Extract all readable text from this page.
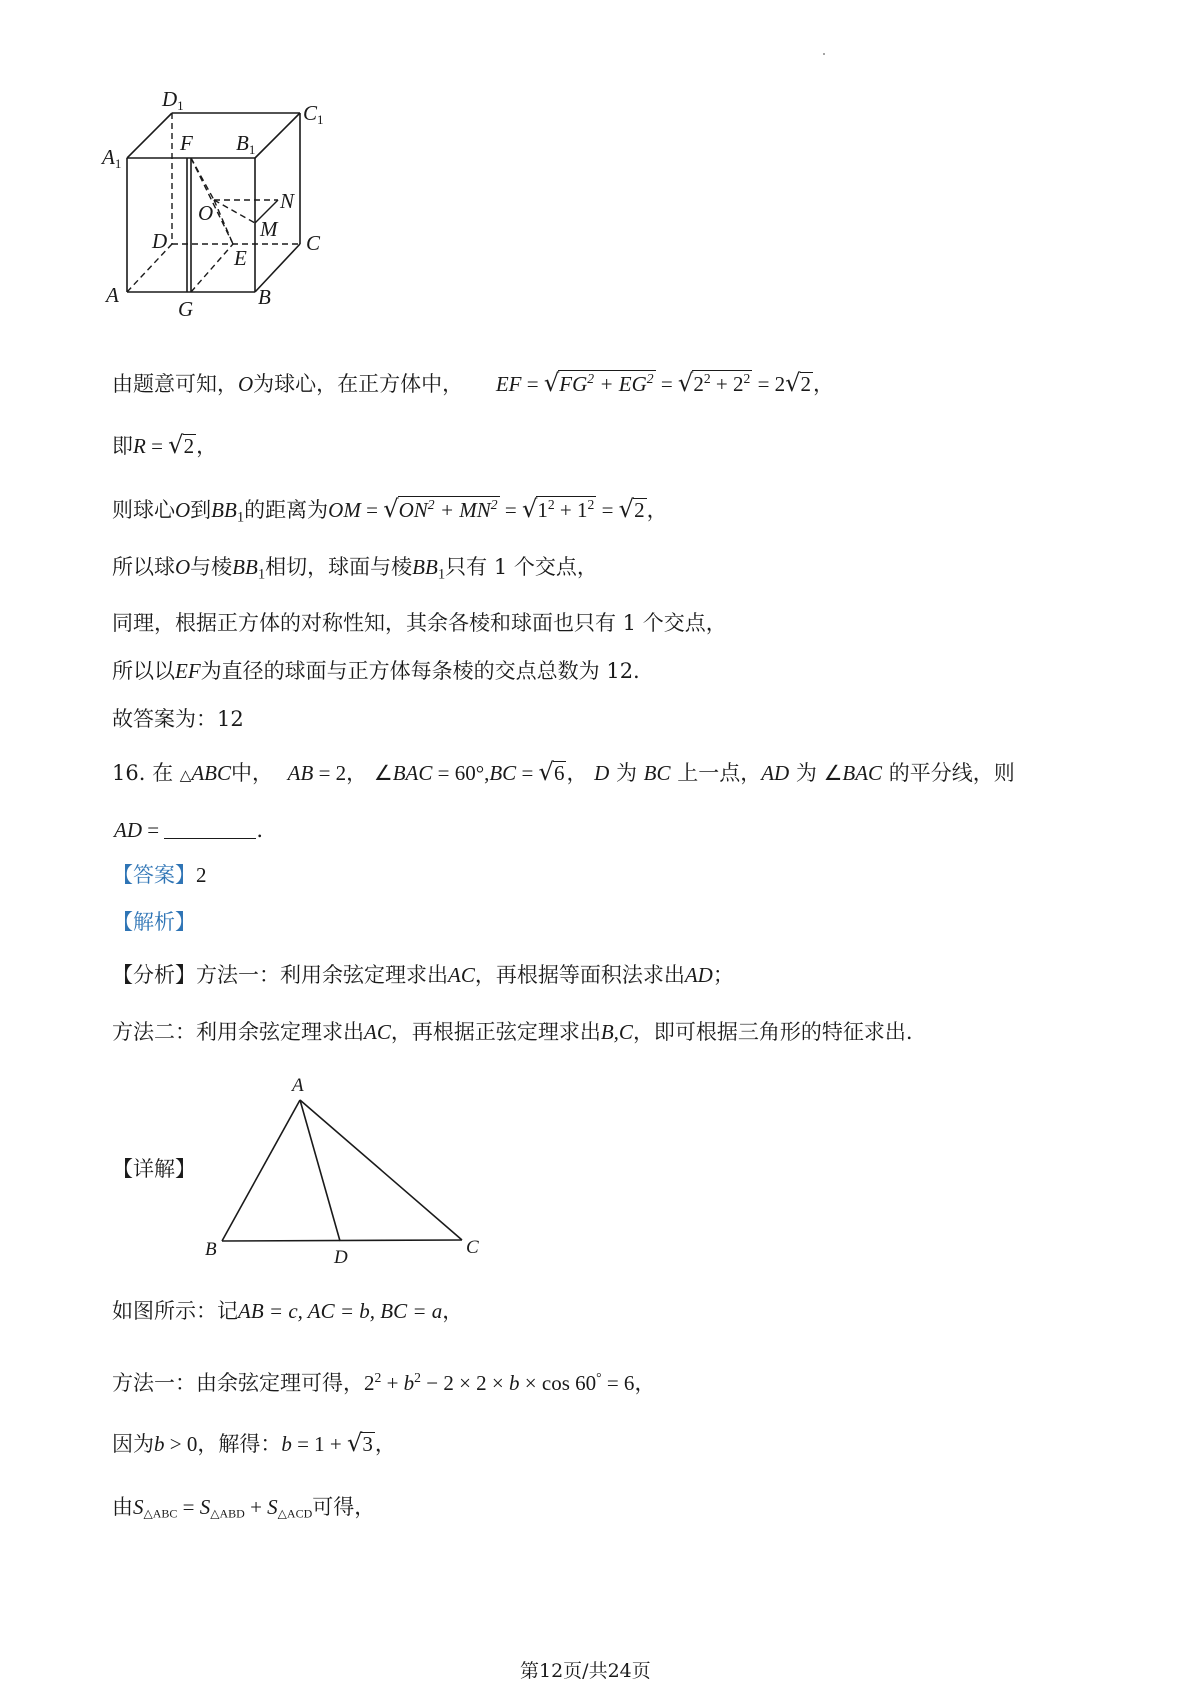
D1	C1
A1
F B1
N
O
M
D	C
E
A
G	B
由题意可知，O为球心，在正方体中， EF = $√FG^2 + EG^2 = √2^2 + 2^2 = 2√2$，
即R = √2，
则球心O到$BB_1$的距离为OM = $√ON^2 + MN^2 = √1^2 + 1^2 = √2$，
所以球O与棱$BB_1$相切，球面与棱$BB_1$只有 1 个交点，
同理，根据正方体的对称性知，其余各棱和球面也只有 1 个交点，
所以以EF为直径的球面与正方体每条棱的交点总数为 12.
故答案为：12
16. 在 △ABC中， AB = 2， ∠BAC = 60°,BC = √6， D 为 BC 上一点，AD 为 ∠BAC 的平分线，则
AD =	.
【答案】2
【解析】
【分析】方法一：利用余弦定理求出AC，再根据等面积法求出AD；
方法二：利用余弦定理求出AC，再根据正弦定理求出B,C，即可根据三角形的特征求出.
【详解】
A
B	D	C
如图所示：记AB = c, AC = b, BC = a，
方法一：由余弦定理可得，$2^2 + b^2 - 2 \times 2 \times b \times \cos 60^\circ = 6$，
因为b > 0，解得：b = 1 + √3，
由$S_{\triangle ABC} = S_{\triangle ABD} + S_{\triangle ACD}$可得，
第12页/共24页
